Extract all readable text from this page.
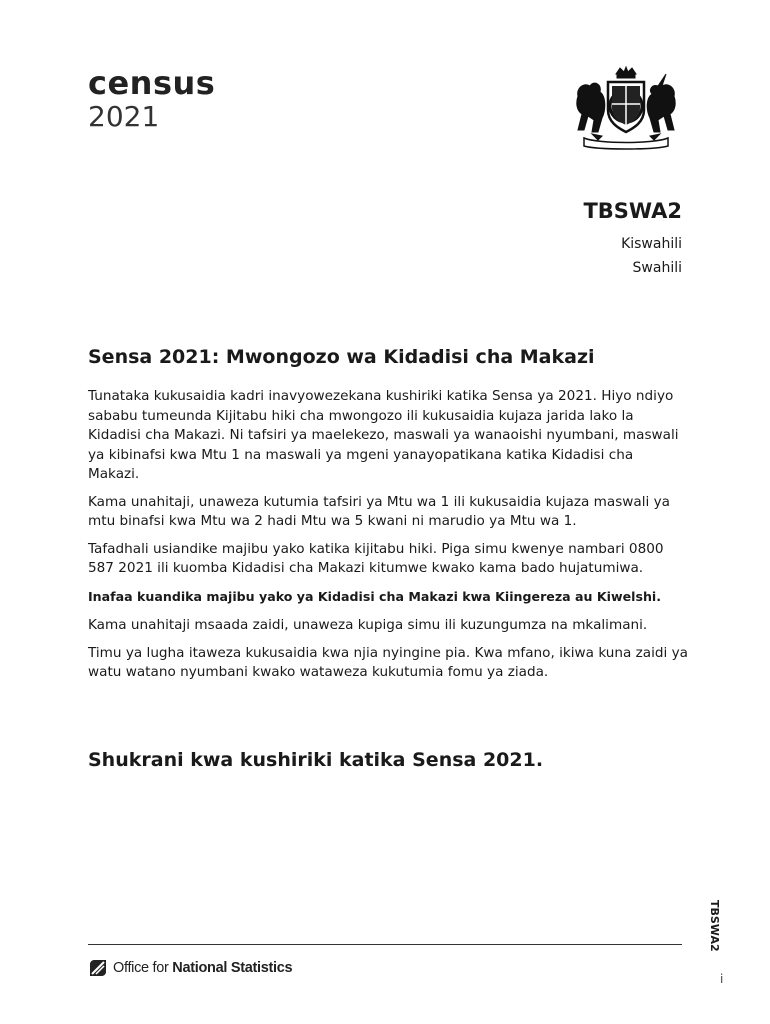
census
2021
TBSWA2
Kiswahili
Swahili
Sensa 2021: Mwongozo wa Kidadisi cha Makazi

Tunataka kukusaidia kadri inavyowezekana kushiriki katika Sensa ya 2021. Hiyo ndiyo sababu tumeunda Kijitabu hiki cha mwongozo ili kukusaidia kujaza jarida lako la Kidadisi cha Makazi. Ni tafsiri ya maelekezo, maswali ya wanaoishi nyumbani, maswali ya kibinafsi kwa Mtu 1 na maswali ya mgeni yanayopatikana katika Kidadisi cha Makazi.

Kama unahitaji, unaweza kutumia tafsiri ya Mtu wa 1 ili kukusaidia kujaza maswali ya mtu binafsi kwa Mtu wa 2 hadi Mtu wa 5 kwani ni marudio ya Mtu wa 1.

Tafadhali usiandike majibu yako katika kijitabu hiki. Piga simu kwenye nambari 0800 587 2021 ili kuomba Kidadisi cha Makazi kitumwe kwako kama bado hujatumiwa.

Inafaa kuandika majibu yako ya Kidadisi cha Makazi kwa Kiingereza au Kiwelshi.

Kama unahitaji msaada zaidi, unaweza kupiga simu ili kuzungumza na mkalimani.

Timu ya lugha itaweza kukusaidia kwa njia nyingine pia. Kwa mfano, ikiwa kuna zaidi ya watu watano nyumbani kwako wataweza kukutumia fomu ya ziada.

Shukrani kwa kushiriki katika Sensa 2021.
TBSWA2
Office for National Statistics
i
